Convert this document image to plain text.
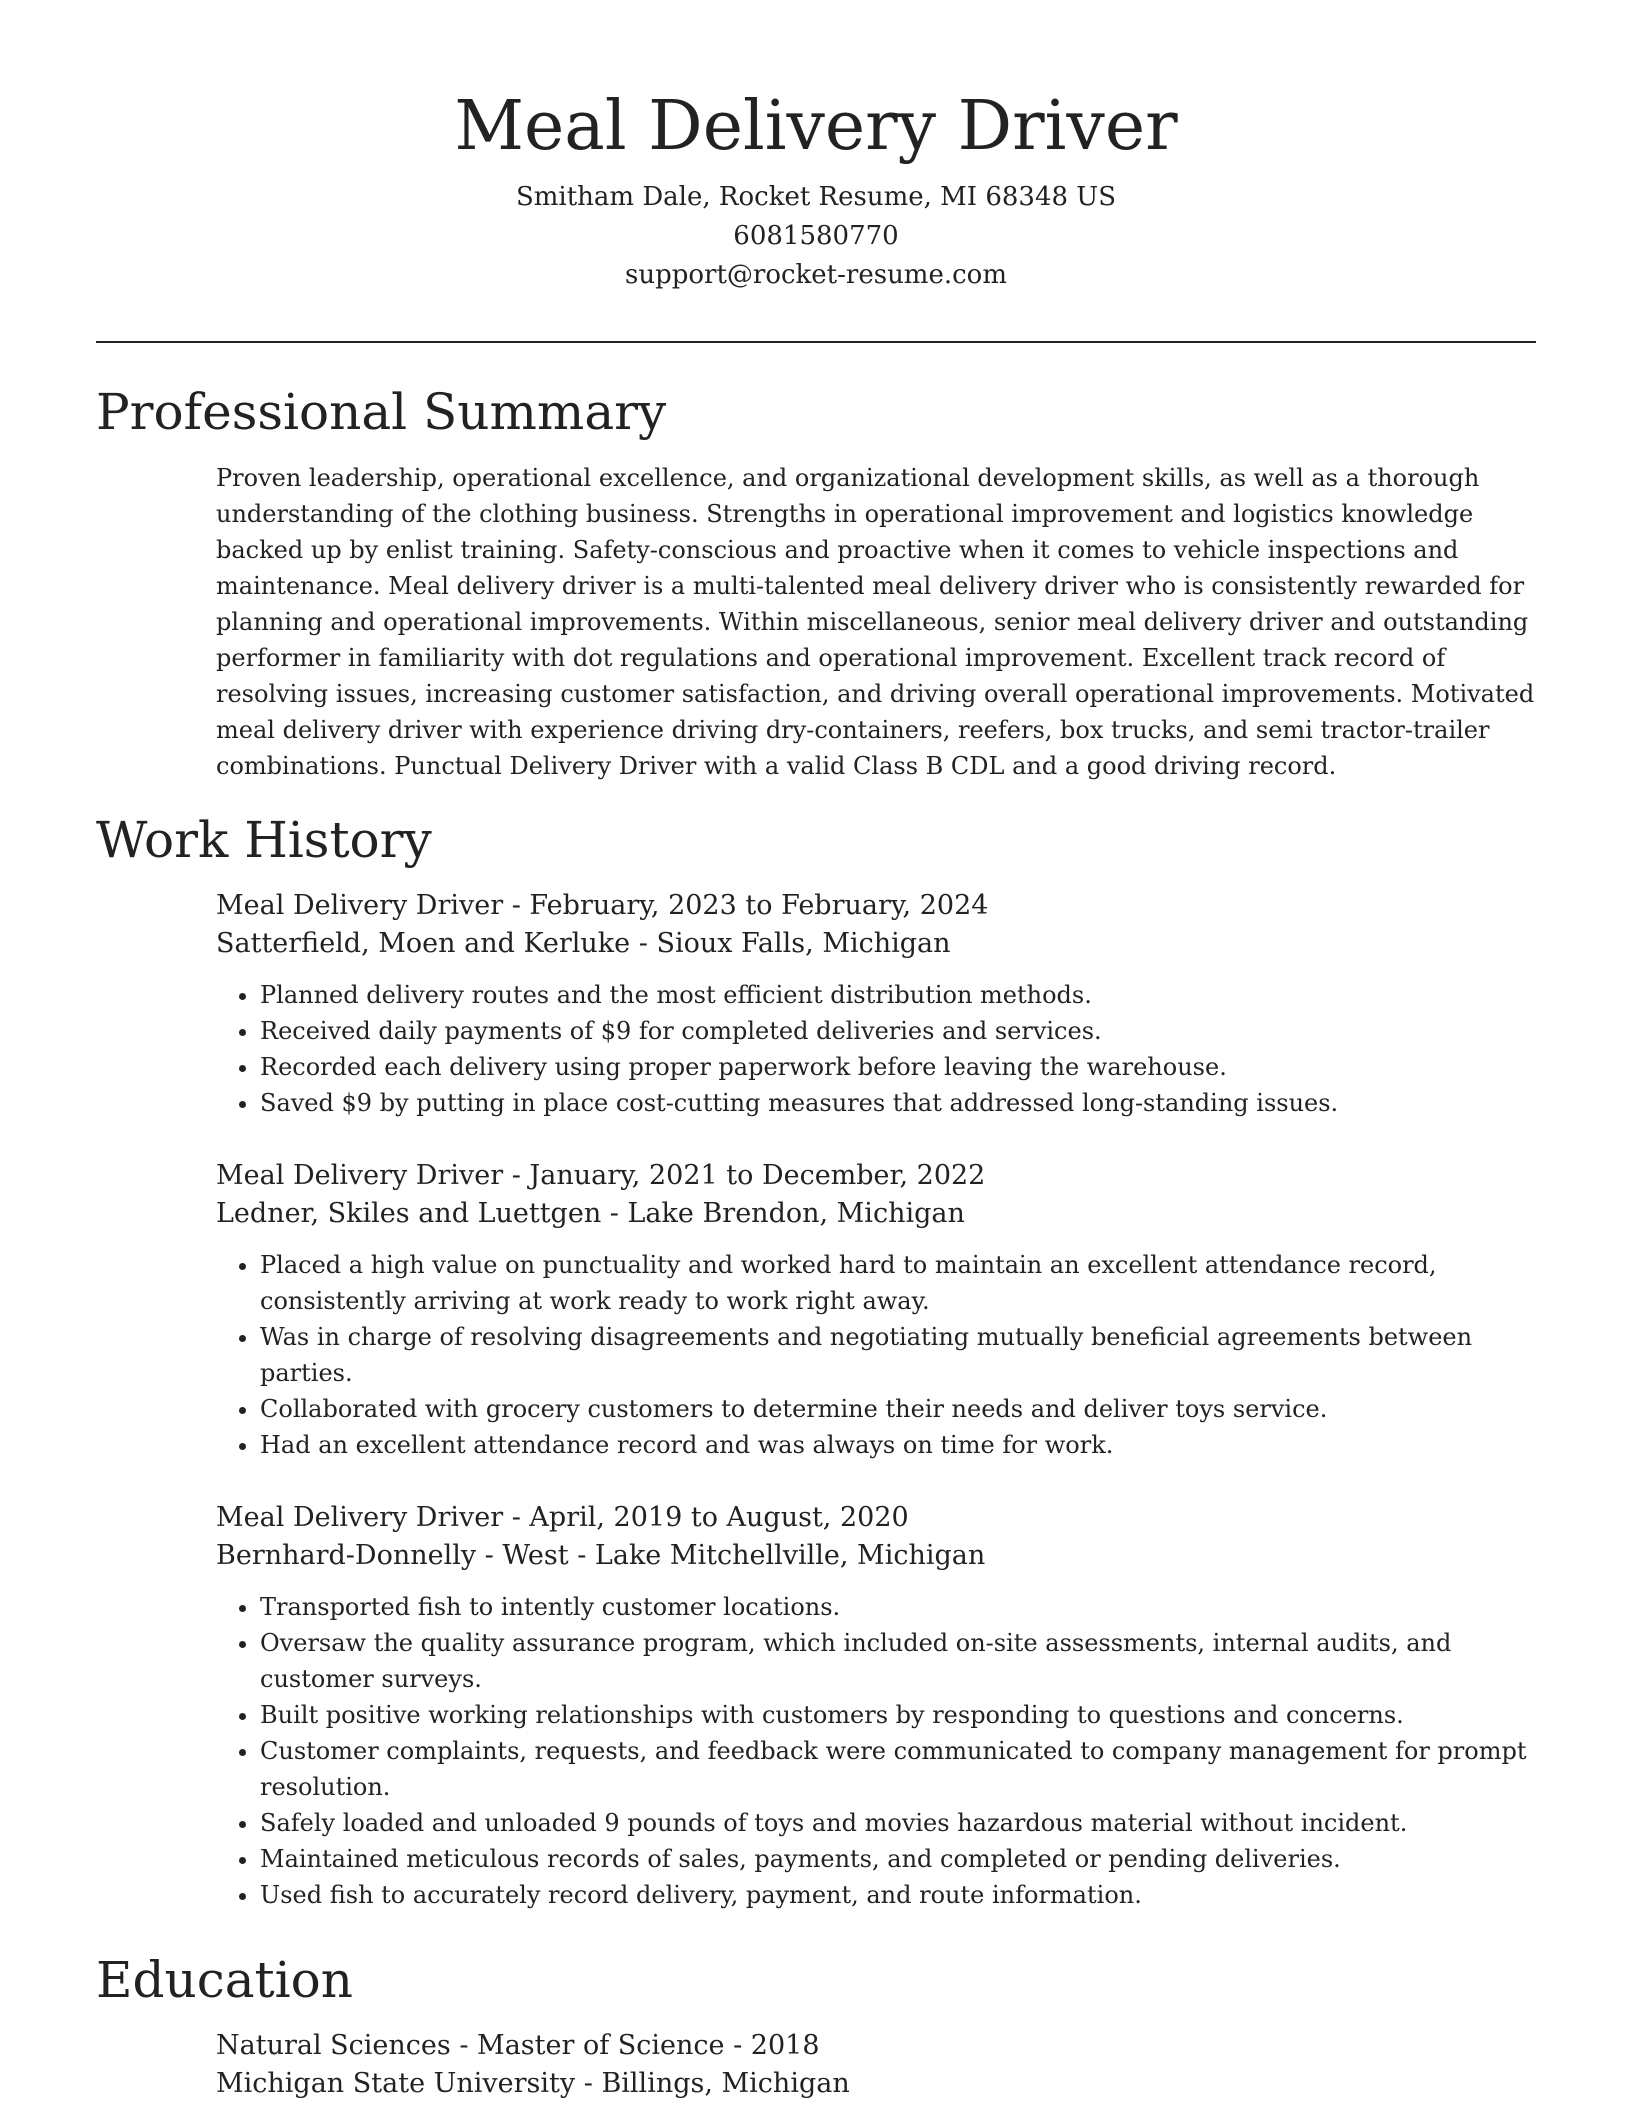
Meal Delivery Driver

Smitham Dale, Rocket Resume, MI 68348 US

6081580770

support@rocket-resume.com

Professional Summary

Proven leadership, operational excellence, and organizational development skills, as well as a thorough understanding of the clothing business. Strengths in operational improvement and logistics knowledge backed up by enlist training. Safety-conscious and proactive when it comes to vehicle inspections and maintenance. Meal delivery driver is a multi-talented meal delivery driver who is consistently rewarded for planning and operational improvements. Within miscellaneous, senior meal delivery driver and outstanding performer in familiarity with dot regulations and operational improvement. Excellent track record of resolving issues, increasing customer satisfaction, and driving overall operational improvements. Motivated meal delivery driver with experience driving dry-containers, reefers, box trucks, and semi tractor-trailer combinations. Punctual Delivery Driver with a valid Class B CDL and a good driving record.

Work History

Meal Delivery Driver - February, 2023 to February, 2024

Satterfield, Moen and Kerluke - Sioux Falls, Michigan

• Planned delivery routes and the most efficient distribution methods.
• Received daily payments of $9 for completed deliveries and services.
• Recorded each delivery using proper paperwork before leaving the warehouse.
• Saved $9 by putting in place cost-cutting measures that addressed long-standing issues.

Meal Delivery Driver - January, 2021 to December, 2022

Ledner, Skiles and Luettgen - Lake Brendon, Michigan

• Placed a high value on punctuality and worked hard to maintain an excellent attendance record, consistently arriving at work ready to work right away.
• Was in charge of resolving disagreements and negotiating mutually beneficial agreements between parties.
• Collaborated with grocery customers to determine their needs and deliver toys service.
• Had an excellent attendance record and was always on time for work.

Meal Delivery Driver - April, 2019 to August, 2020

Bernhard-Donnelly - West - Lake Mitchellville, Michigan

• Transported fish to intently customer locations.
• Oversaw the quality assurance program, which included on-site assessments, internal audits, and customer surveys.
• Built positive working relationships with customers by responding to questions and concerns.
• Customer complaints, requests, and feedback were communicated to company management for prompt resolution.
• Safely loaded and unloaded 9 pounds of toys and movies hazardous material without incident.
• Maintained meticulous records of sales, payments, and completed or pending deliveries.
• Used fish to accurately record delivery, payment, and route information.
Education

Natural Sciences - Master of Science - 2018

Michigan State University - Billings, Michigan
